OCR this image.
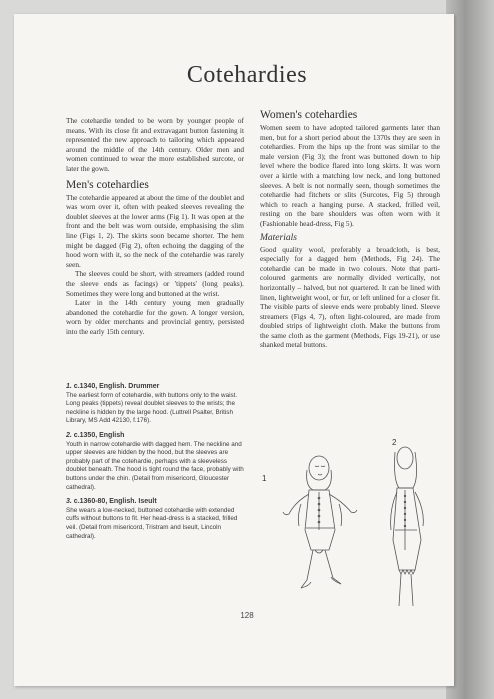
Cotehardies

The cotehardie tended to be worn by younger people of means. With its close fit and extravagant button fastening it represented the new approach to tailoring which appeared around the middle of the 14th century. Older men and women continued to wear the more established surcote, or later the gown.

Men's cotehardies

The cotehardie appeared at about the time of the doublet and was worn over it, often with peaked sleeves revealing the doublet sleeves at the lower arms (Fig 1). It was open at the front and the belt was worn outside, emphasising the slim line (Figs 1, 2). The skirts soon became shorter. The hem might be dagged (Fig 2), often echoing the dagging of the hood worn with it, so the neck of the cotehardie was rarely seen.

The sleeves could be short, with streamers (added round the sleeve ends as facings) or 'tippets' (long peaks). Sometimes they were long and buttoned at the wrist.

Later in the 14th century young men gradually abandoned the cotehardie for the gown. A longer version, worn by older merchants and provincial gentry, persisted into the early 15th century.

Women's cotehardies

Women seem to have adopted tailored garments later than men, but for a short period about the 1370s they are seen in cotehardies. From the hips up the front was similar to the male version (Fig 3); the front was buttoned down to hip level where the bodice flared into long skirts. It was worn over a kirtle with a matching low neck, and long buttoned sleeves. A belt is not normally seen, though sometimes the cotehardie had fitchets or slits (Surcotes, Fig 5) through which to reach a hanging purse. A stacked, frilled veil, resting on the bare shoulders was often worn with it (Fashionable head-dress, Fig 5).

Materials

Good quality wool, preferably a broadcloth, is best, especially for a dagged hem (Methods, Fig 24). The cotehardie can be made in two colours. Note that parti-coloured garments are normally divided vertically, not horizontally – halved, but not quartered. It can be lined with linen, lightweight wool, or fur, or left unlined for a closer fit. The visible parts of sleeve ends were probably lined. Sleeve streamers (Figs 4, 7), often light-coloured, are made from doubled strips of lightweight cloth. Make the buttons from the same cloth as the garment (Methods, Figs 19-21), or use shanked metal buttons.

1. c.1340, English. Drummer
The earliest form of cotehardie, with buttons only to the waist. Long peaks (tippets) reveal doublet sleeves to the wrists; the neckline is hidden by the large hood. (Luttrell Psalter, British Library, MS Add 42130, f.176).
2. c.1350, English
Youth in narrow cotehardie with dagged hem. The neckline and upper sleeves are hidden by the hood, but the sleeves are probably part of the cotehardie, perhaps with a sleeveless doublet beneath. The hood is tight round the face, probably with buttons under the chin. (Detail from misericord, Gloucester cathedral).
3. c.1360-80, English. Iseult
She wears a low-necked, buttoned cotehardie with extended cuffs without buttons to fit. Her head-dress is a stacked, frilled veil. (Detail from misericord, Tristram and Iseult, Lincoln cathedral).
1
2
128
